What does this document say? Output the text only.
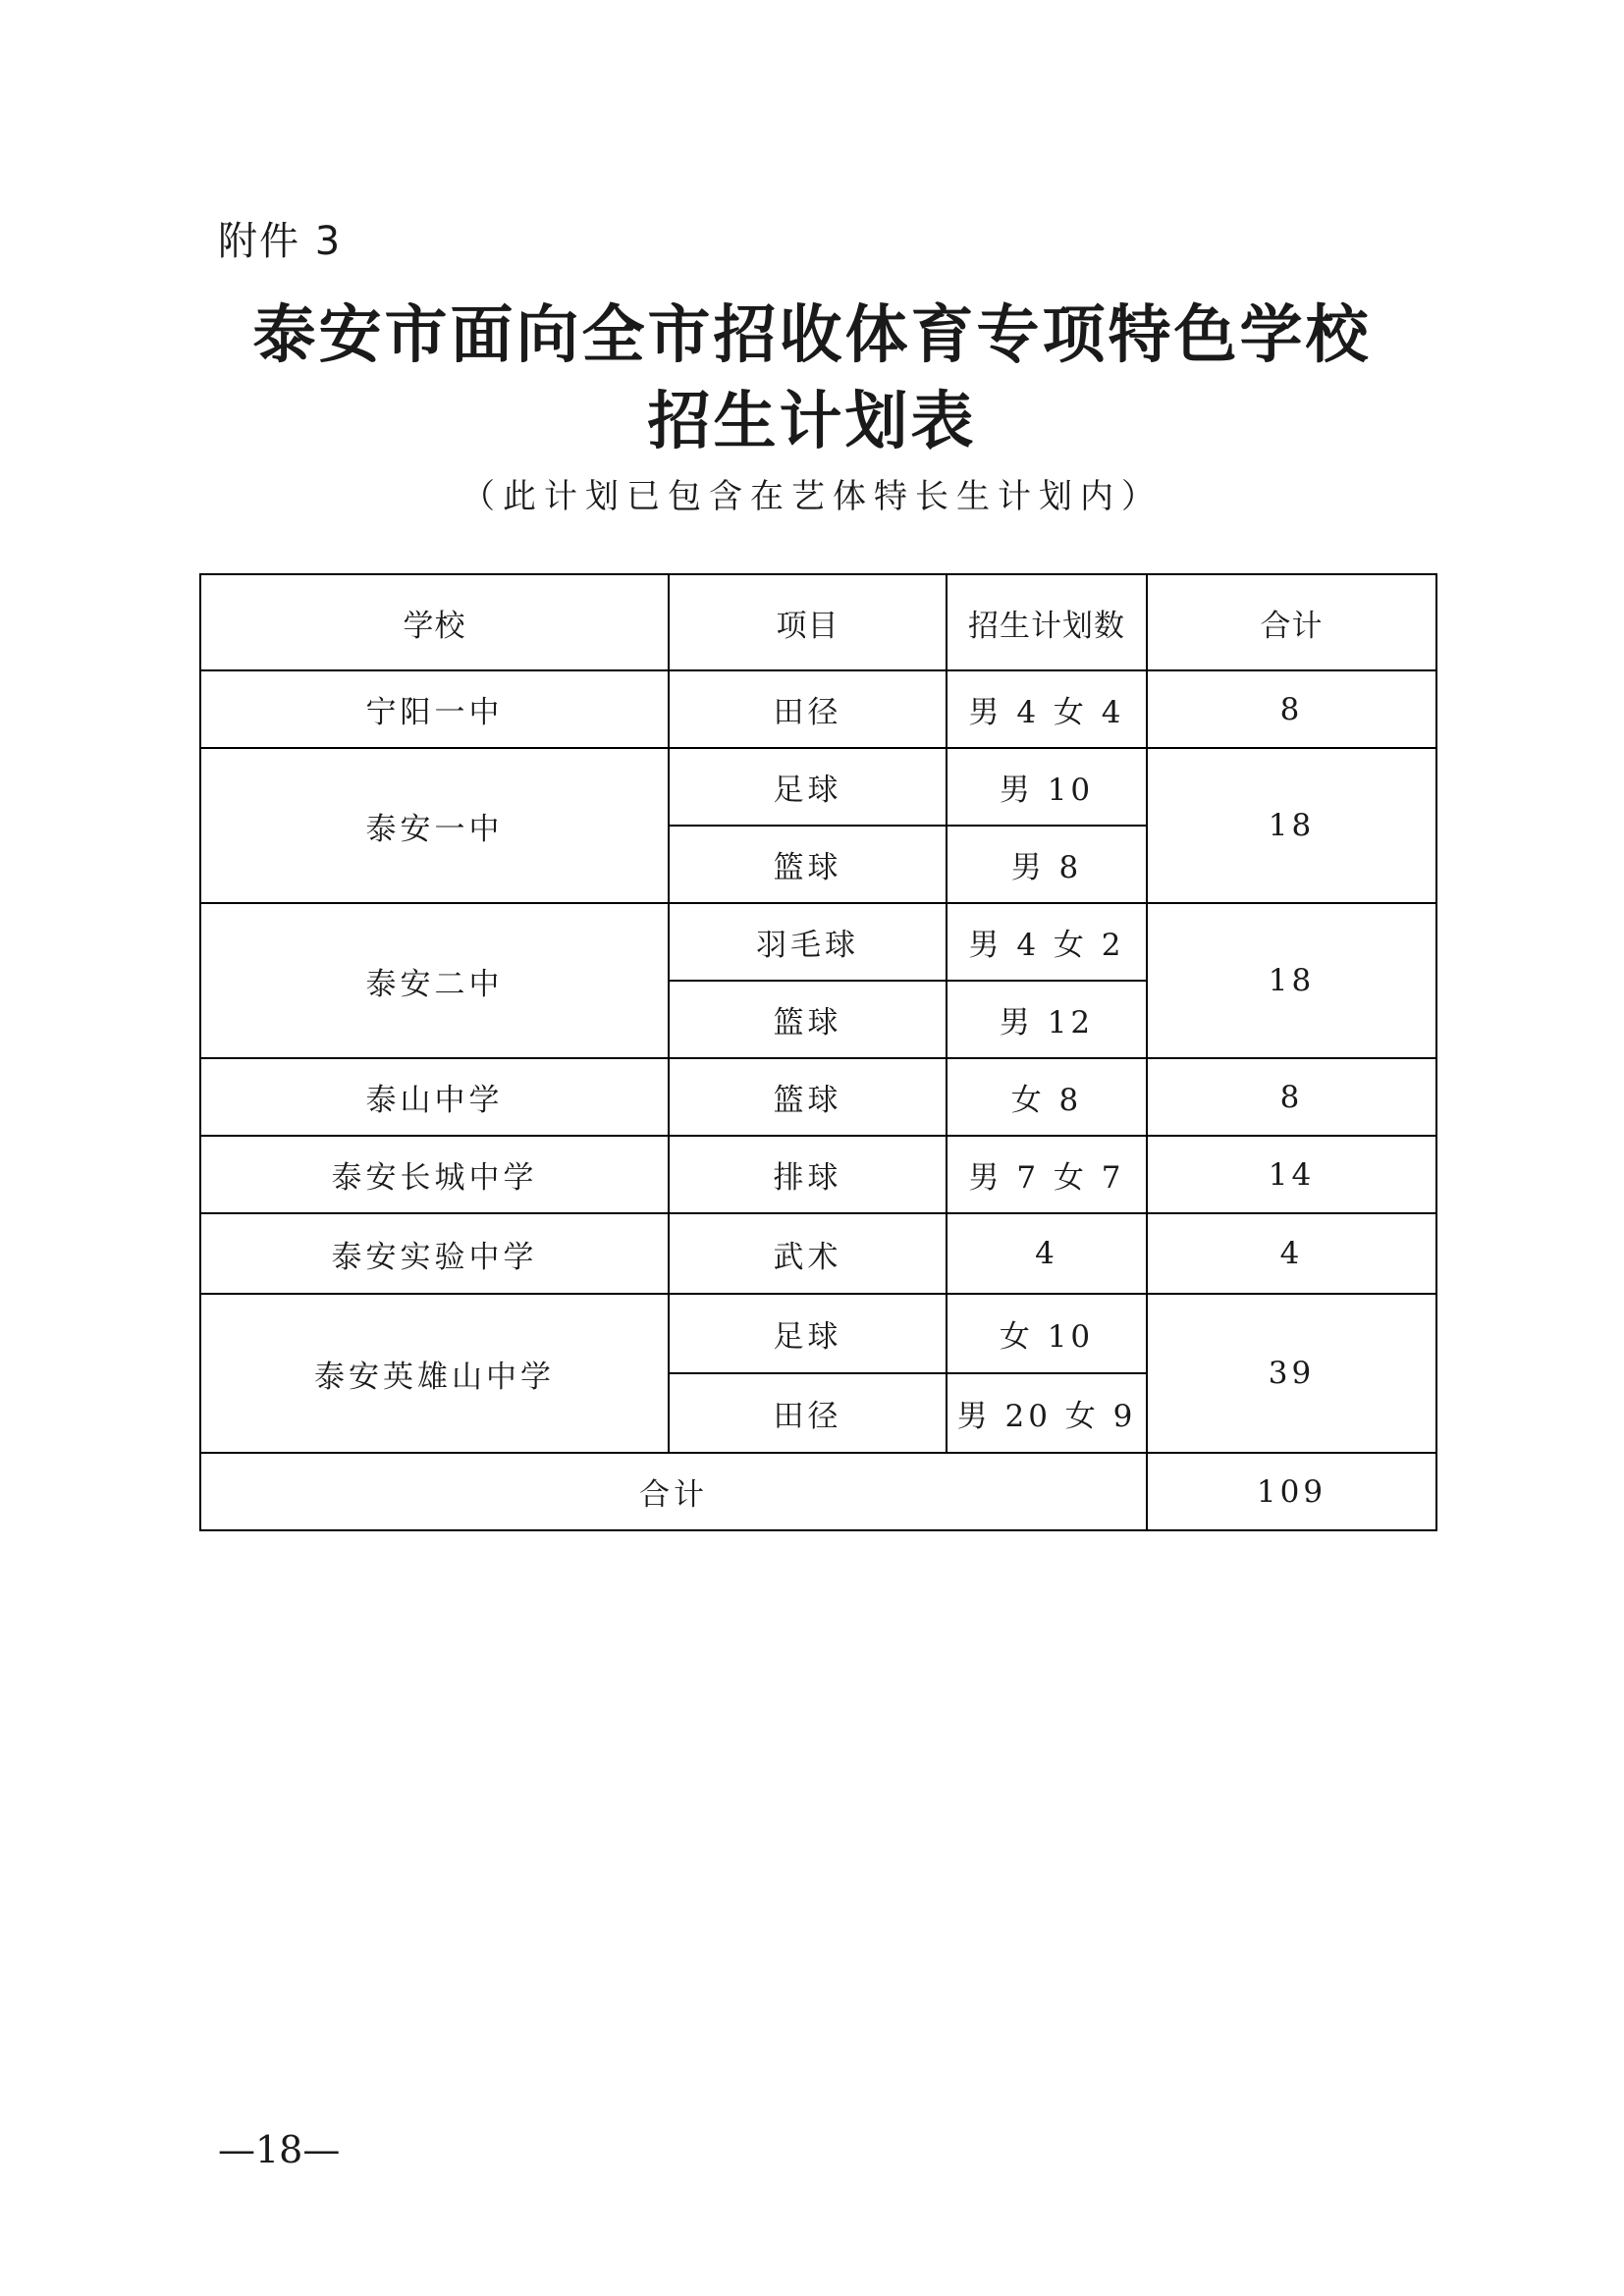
附件 3
泰安市面向全市招收体育专项特色学校
招生计划表
（此计划已包含在艺体特长生计划内）
学校	项目	招生计划数	合计
宁阳一中	田径	男 4 女 4	8
泰安一中	足球	男 10	18
	篮球	男 8	
泰安二中	羽毛球	男 4 女 2	18
	篮球	男 12	
泰山中学	篮球	女 8	8
泰安长城中学	排球	男 7 女 7	14
泰安实验中学	武术	4	4
泰安英雄山中学	足球	女 10	39
	田径	男 20 女 9	
合计			109
—18—
